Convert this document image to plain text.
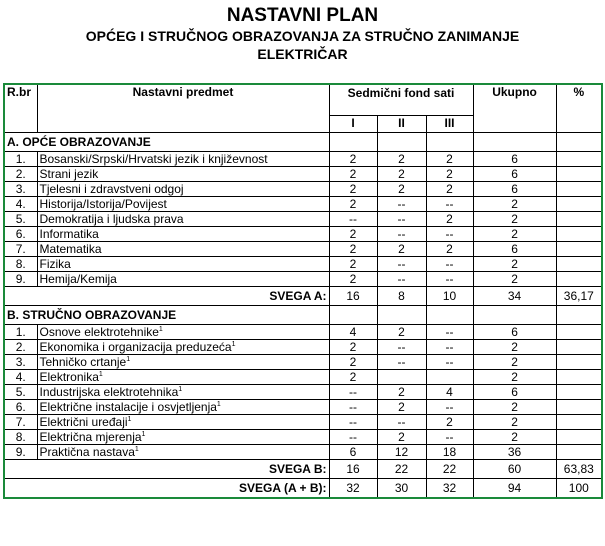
NASTAVNI PLAN
OPĆEG I STRUČNOG OBRAZOVANJA ZA STRUČNO ZANIMANJE
ELEKTRIČAR
R.br	Nastavni predmet	Sedmični fond sati			Ukupno	%
		I	II	III		
A. OPĆE OBRAZOVANJE						
1.	Bosanski/Srpski/Hrvatski jezik i književnost	2	2	2	6	
2.	Strani jezik	2	2	2	6	
3.	Tjelesni i zdravstveni odgoj	2	2	2	6	
4.	Historija/Istorija/Povijest	2	--	--	2	
5.	Demokratija i ljudska prava	--	--	2	2	
6.	Informatika	2	--	--	2	
7.	Matematika	2	2	2	6	
8.	Fizika	2	--	--	2	
9.	Hemija/Kemija	2	--	--	2	
SVEGA A:		16	8	10	34	36,17
B. STRUČNO OBRAZOVANJE						
1.	Osnove elektrotehnike$^1$	4	2	--	6	
2.	Ekonomika i organizacija preduzeća$^1$	2	--	--	2	
3.	Tehničko crtanje$^1$	2	--	--	2	
4.	Elektronika$^1$	2			2	
5.	Industrijska elektrotehnika$^1$	--	2	4	6	
6.	Električne instalacije i osvjetljenja$^1$	--	2	--	2	
7.	Električni uređaji$^1$	--	--	2	2	
8.	Električna mjerenja$^1$	--	2	--	2	
9.	Praktična nastava$^1$	6	12	18	36	
SVEGA B:		16	22	22	60	63,83
SVEGA (A + B):		32	30	32	94	100
